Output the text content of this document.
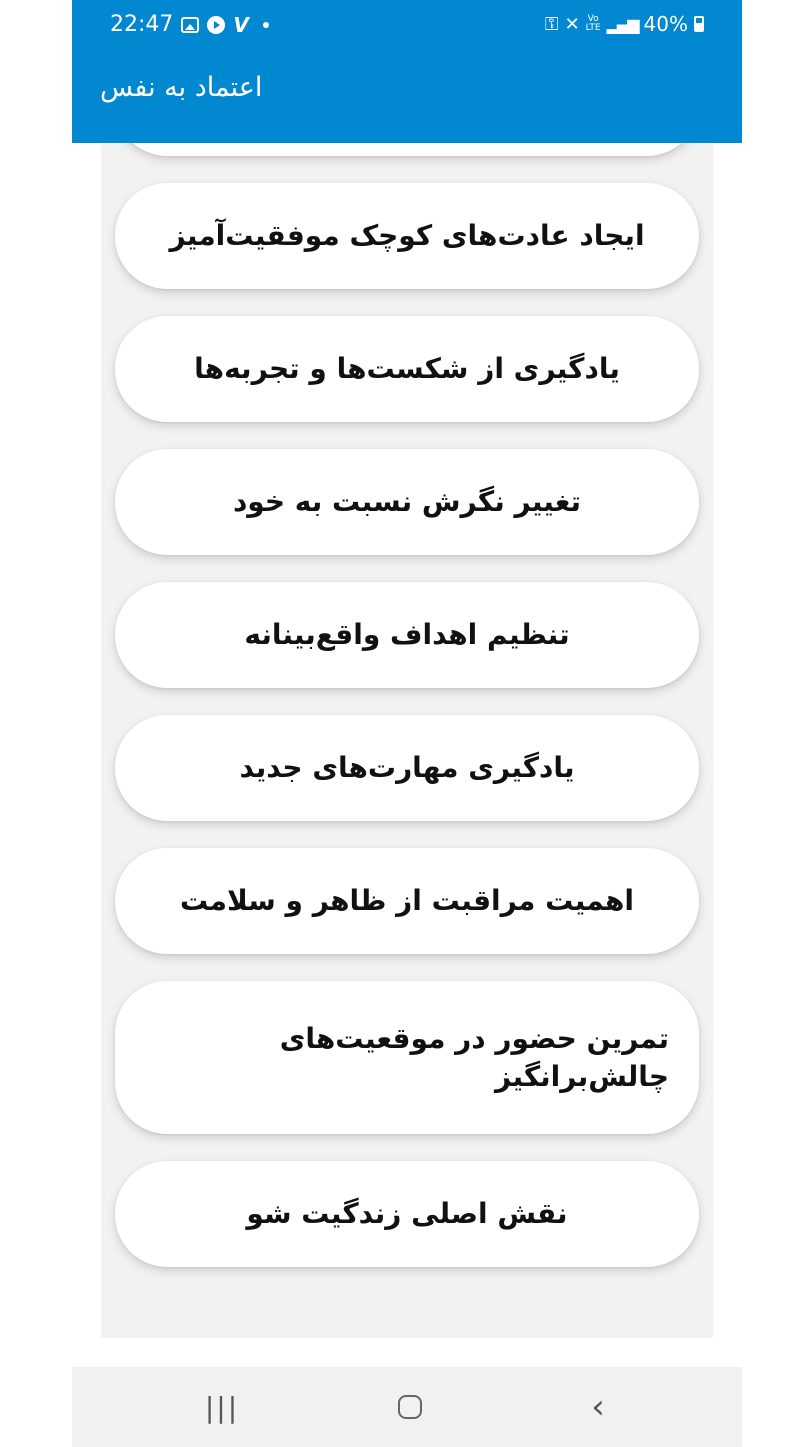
22:47	V	⚿ ✕ Vo
LTE ▂▄▆ 40%
اعتماد به نفس
ایجاد عادت‌های کوچک موفقیت‌آمیز
یادگیری از شکست‌ها و تجربه‌ها
تغییر نگرش نسبت به خود
تنظیم اهداف واقع‌بینانه
یادگیری مهارت‌های جدید
اهمیت مراقبت از ظاهر و سلامت
تمرین حضور در موقعیت‌های چالش‌برانگیز
نقش اصلی زندگیت شو
|||	‹
